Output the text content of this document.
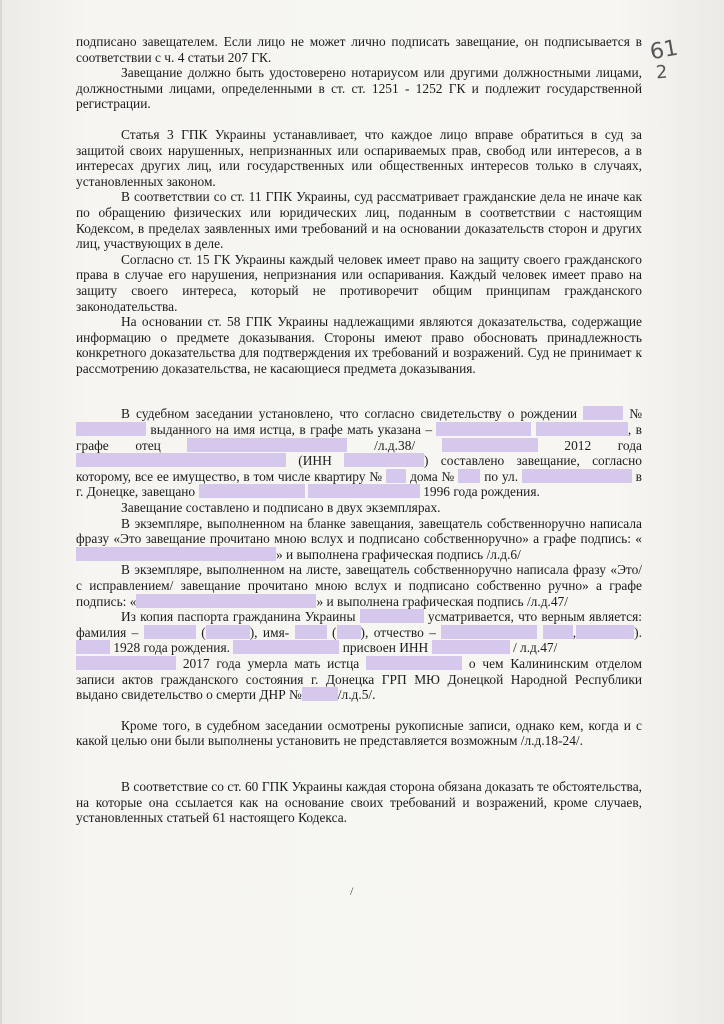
61
2

подписано завещателем. Если лицо не может лично подписать завещание, он подписывается в соответствии с ч. 4 статьи 207 ГК.

Завещание должно быть удостоверено нотариусом или другими должностными лицами, должностными лицами, определенными в ст. ст. 1251 - 1252 ГК и подлежит государственной регистрации.

Статья 3 ГПК Украины устанавливает, что каждое лицо вправе обратиться в суд за защитой своих нарушенных, непризнанных или оспариваемых прав, свобод или интересов, а в интересах других лиц, или государственных или общественных интересов только в случаях, установленных законом.

В соответствии со ст. 11 ГПК Украины, суд рассматривает гражданские дела не иначе как по обращению физических или юридических лиц, поданным в соответствии с настоящим Кодексом, в пределах заявленных ими требований и на основании доказательств сторон и других лиц, участвующих в деле.

Согласно ст. 15 ГК Украины каждый человек имеет право на защиту своего гражданского права в случае его нарушения, непризнания или оспаривания. Каждый человек имеет право на защиту своего интереса, который не противоречит общим принципам гражданского законодательства.

На основании ст. 58 ГПК Украины надлежащими являются доказательства, содержащие информацию о предмете доказывания. Стороны имеют право обосновать принадлежность конкретного доказательства для подтверждения их требований и возражений. Суд не принимает к рассмотрению доказательства, не касающиеся предмета доказывания.

В судебном заседании установлено, что согласно свидетельству о рождении	№ выданного на имя истца, в графе мать указана –	, в графе отец	/л.д.38/	2012 года  (ИНН	) составлено завещание, согласно которому, все ее имущество, в том числе квартиру № дома № по ул.	в г. Донецке, завещано	1996 года рождения.

Завещание составлено и подписано в двух экземплярах.

В экземпляре, выполненном на бланке завещания, завещатель собственноручно написала фразу «Это завещание прочитано мною вслух и подписано собственноручно» а графе подпись: «» и выполнена графическая подпись /л.д.6/

В экземпляре, выполненном на листе, завещатель собственноручно написала фразу «Это/ с исправлением/ завещание прочитано мною вслух и подписано собственно ручно» а графе подпись: «	» и выполнена графическая подпись /л.д.47/

Из копия паспорта гражданина Украины	усматривается, что верным является: фамилия –	(	), имя-	( ), отчество –	,	).  1928 года рождения.	присвоен ИНН	/ л.д.47/

2017 года умерла мать истца	о чем Калининским отделом записи актов гражданского состояния г. Донецка ГРП МЮ Донецкой Народной Республики выдано свидетельство о смерти ДНР №	/л.д.5/.

Кроме того, в судебном заседании осмотрены рукописные записи, однако кем, когда и с какой целью они были выполнены установить не представляется возможным /л.д.18-24/.

В соответствие со ст. 60 ГПК Украины каждая сторона обязана доказать те обстоятельства, на которые она ссылается как на основание своих требований и возражений, кроме случаев, установленных статьей 61 настоящего Кодекса.

/
